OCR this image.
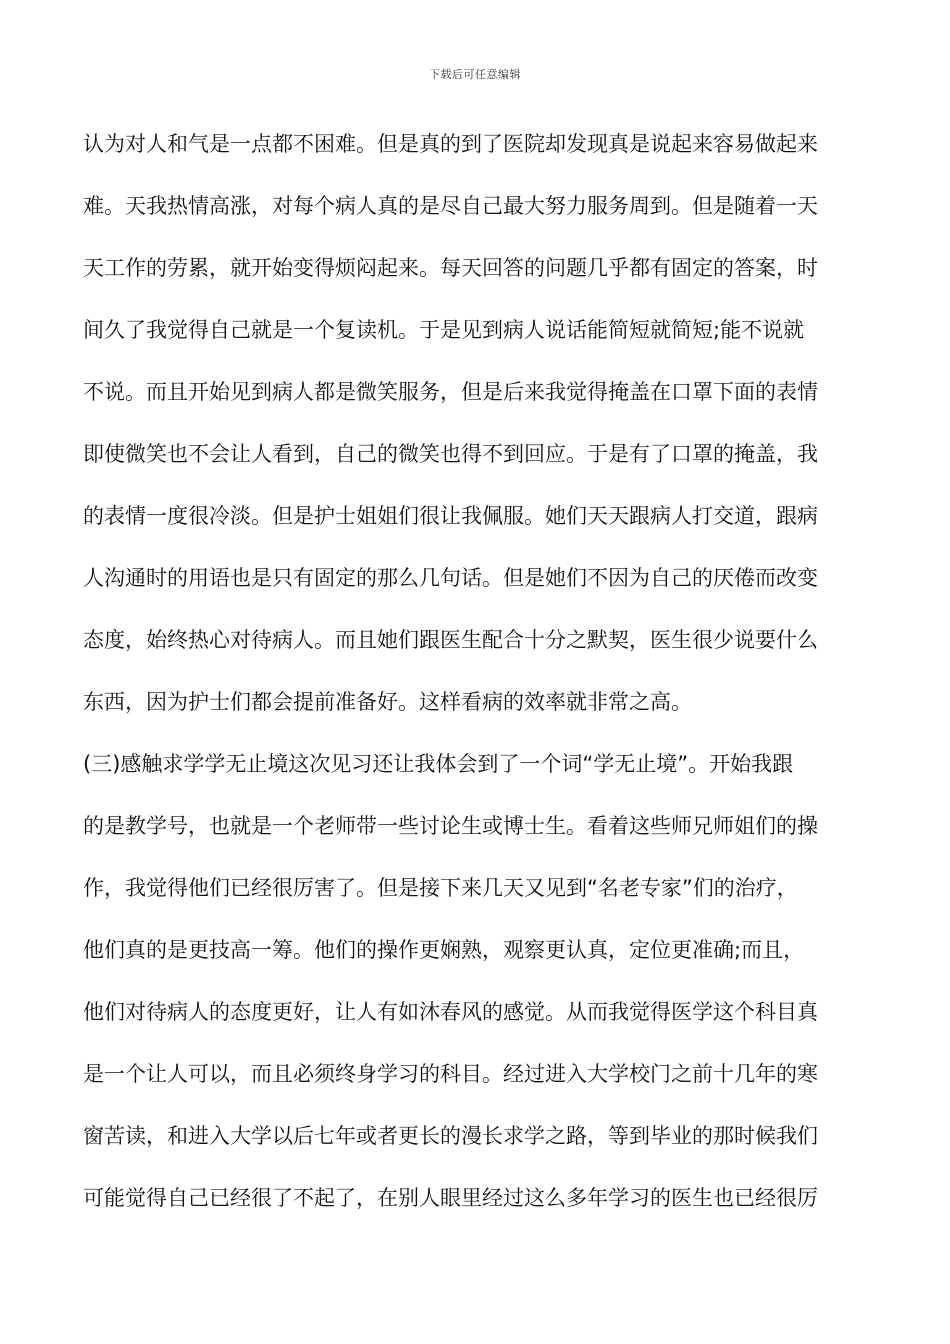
下载后可任意编辑
认为对人和气是一点都不困难。但是真的到了医院却发现真是说起来容易做起来
难。天我热情高涨，对每个病人真的是尽自己最大努力服务周到。但是随着一天
天工作的劳累，就开始变得烦闷起来。每天回答的问题几乎都有固定的答案，时
间久了我觉得自己就是一个复读机。于是见到病人说话能简短就简短;能不说就
不说。而且开始见到病人都是微笑服务，但是后来我觉得掩盖在口罩下面的表情
即使微笑也不会让人看到，自己的微笑也得不到回应。于是有了口罩的掩盖，我
的表情一度很冷淡。但是护士姐姐们很让我佩服。她们天天跟病人打交道，跟病
人沟通时的用语也是只有固定的那么几句话。但是她们不因为自己的厌倦而改变
态度，始终热心对待病人。而且她们跟医生配合十分之默契，医生很少说要什么
东西，因为护士们都会提前准备好。这样看病的效率就非常之高。
(三)感触求学学无止境这次见习还让我体会到了一个词“学无止境”。开始我跟
的是教学号，也就是一个老师带一些讨论生或博士生。看着这些师兄师姐们的操
作，我觉得他们已经很厉害了。但是接下来几天又见到“名老专家”们的治疗，
他们真的是更技高一筹。他们的操作更娴熟，观察更认真，定位更准确;而且，
他们对待病人的态度更好，让人有如沐春风的感觉。从而我觉得医学这个科目真
是一个让人可以，而且必须终身学习的科目。经过进入大学校门之前十几年的寒
窗苦读，和进入大学以后七年或者更长的漫长求学之路，等到毕业的那时候我们
可能觉得自己已经很了不起了，在别人眼里经过这么多年学习的医生也已经很厉
